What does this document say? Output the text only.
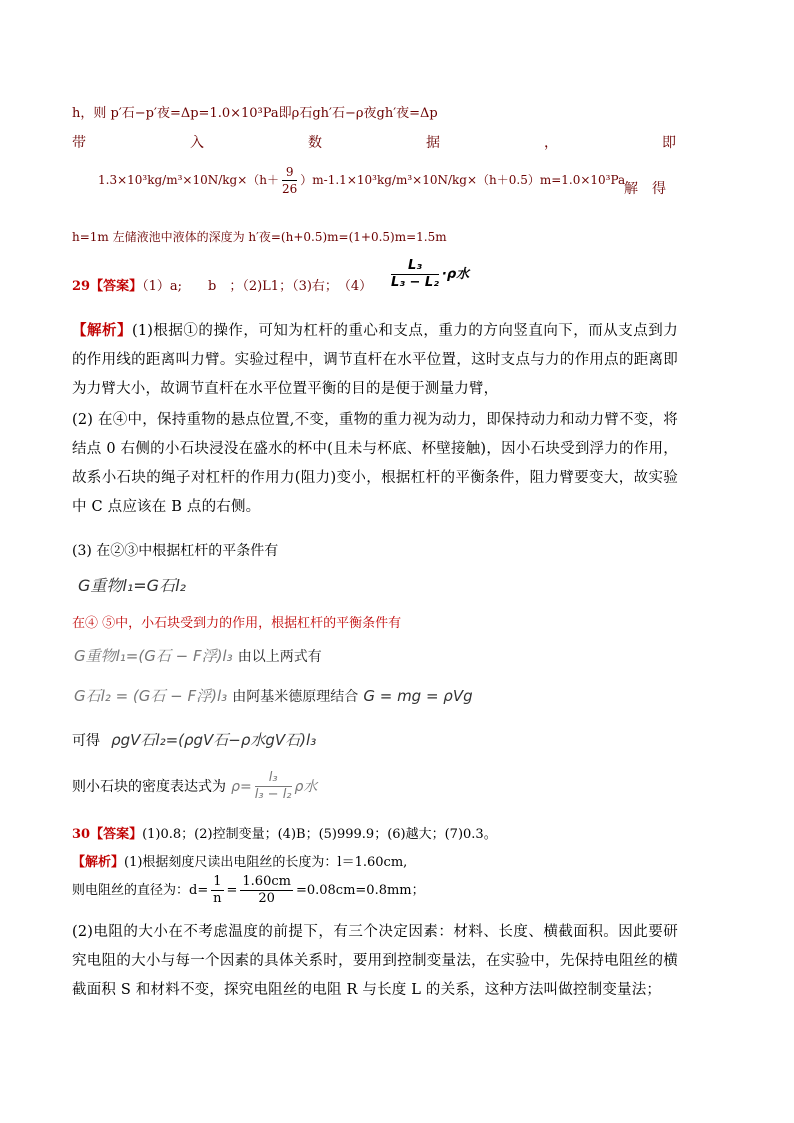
h，则 p′石−p′夜=Δp=1.0×10³Pa即ρ石gh′石−ρ夜gh′夜=Δp
带	入	数	据	，	即
$1.3\times 10^3kg/m^3\times 10N/kg\times(h+ \frac{9}{26} )m-1.1\times 10^3kg/m^3\times 10N/kg\times(h+0.5)m=1.0\times 10^3Pa$
解　得
h=1m 左储液池中液体的深度为 h′夜=(h+0.5)m=(1+0.5)m=1.5m
29【答案】（1）a;　　b　；（2)L1；（3)右；　$(4) \frac{\text{L₃}}{\text{L₃ − L₂}} \cdot\rho$水
【解析】(1)根据①的操作，可知为杠杆的重心和支点，重力的方向竖直向下，而从支点到力的作用线的距离叫力臂。实验过程中，调节直杆在水平位置，这时支点与力的作用点的距离即为力臂大小，故调节直杆在水平位置平衡的目的是便于测量力臂，
(2) 在④中，保持重物的悬点位置,不变，重物的重力视为动力，即保持动力和动力臂不变，将结点 0 右侧的小石块浸没在盛水的杯中(且未与杯底、杯壁接触)，因小石块受到浮力的作用，故系小石块的绳子对杠杆的作用力(阻力)变小，根据杠杆的平衡条件，阻力臂要变大，故实验中 C 点应该在 B 点的右侧。
(3) 在②③中根据杠杆的平条件有
G重物l₁=G石l₂
在④ ⑤中，小石块受到力的作用，根据杠杆的平衡条件有
G重物l₁=(G石 − F浮)l₃ 由以上两式有
G石l₂ = (G石 − F浮)l₃ 由阿基米德原理结合 G = mg = ρVg
可得 ρgV石l₂=(ρgV石−ρ水gV石)l₃
则小石块的密度表达式为 $\rho= \frac{\text{l₃}}{\text{l₃ − l₂}}$ ρ水
30【答案】(1)0.8；(2)控制变量；(4)B；(5)999.9；(6)越大；(7)0.3。
【解析】(1)根据刻度尺读出电阻丝的长度为：l＝1.60cm,
则电阻丝的直径为：$d= \frac{1}{n} = \frac{1.60cm}{20} =0.08cm=0.8mm$；
(2)电阻的大小在不考虑温度的前提下，有三个决定因素：材料、长度、横截面积。因此要研究电阻的大小与每一个因素的具体关系时，要用到控制变量法，在实验中，先保持电阻丝的横截面积 S 和材料不变，探究电阻丝的电阻 R 与长度 L 的关系，这种方法叫做控制变量法；
